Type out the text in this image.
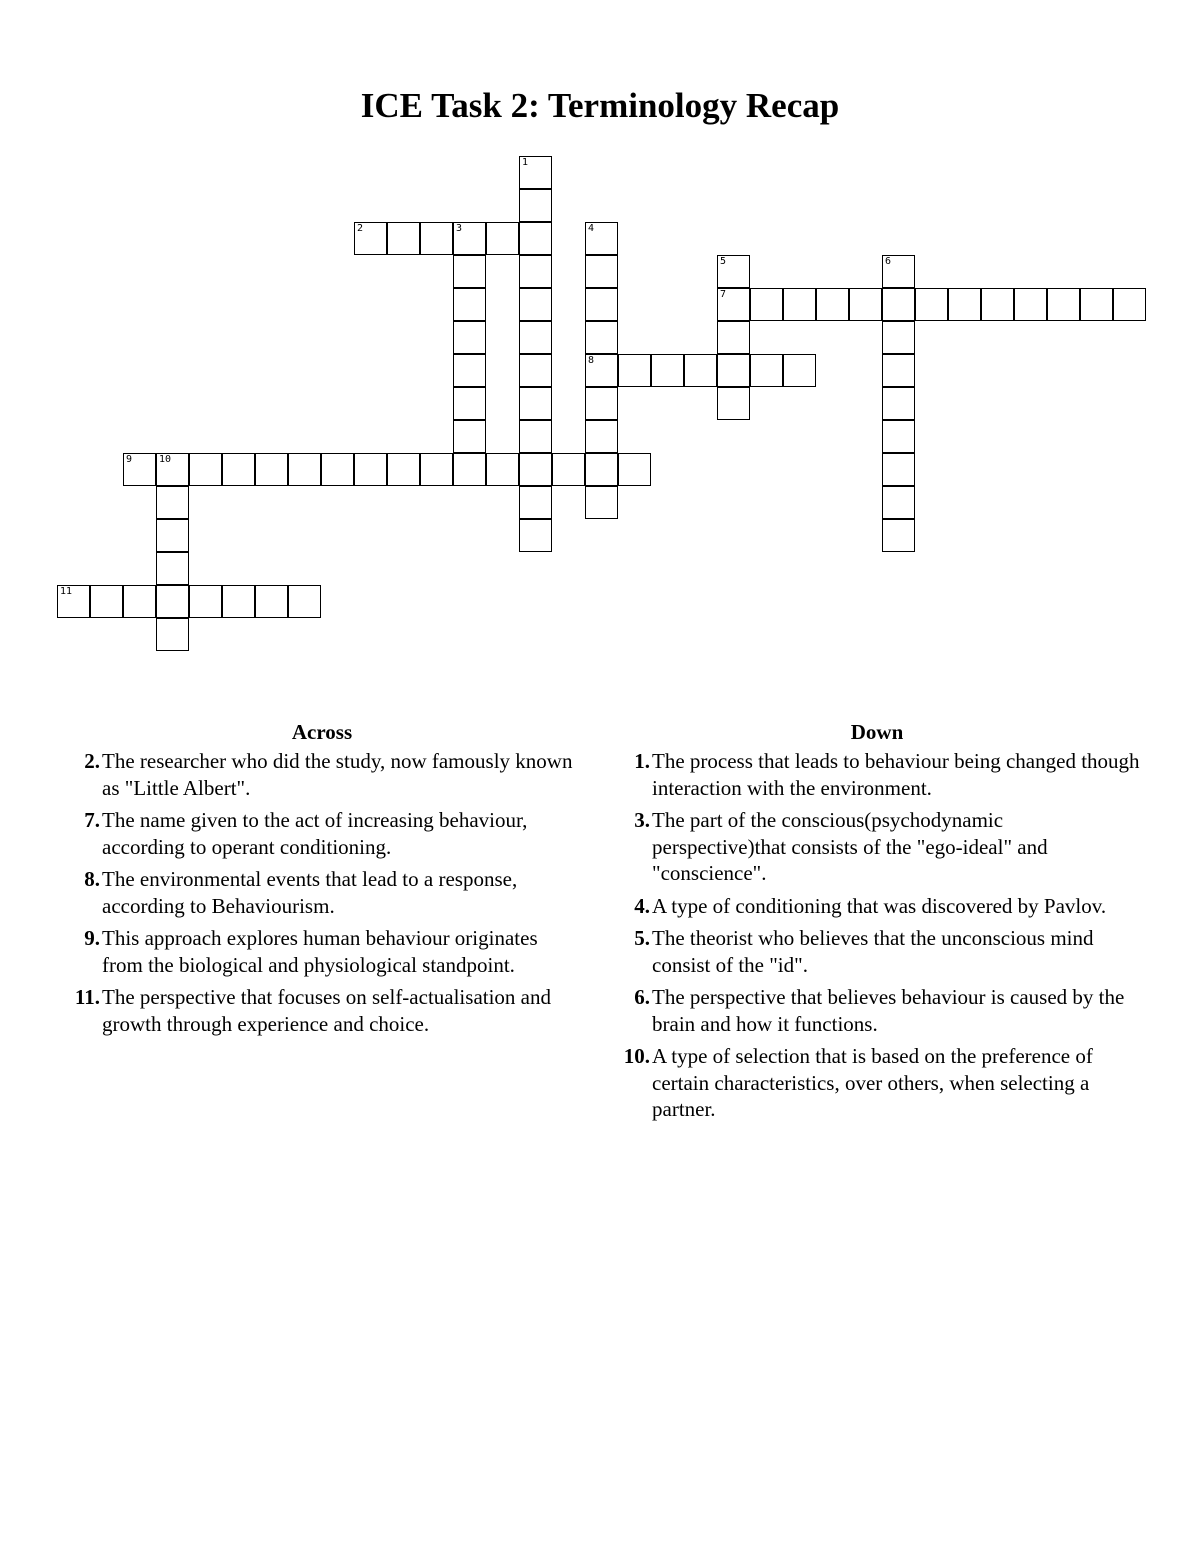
ICE Task 2: Terminology Recap
1
2	3	4
8
5
7
6
9	10
11
Across
2. The researcher who did the study, now famously known as "Little Albert".
7. The name given to the act of increasing behaviour, according to operant conditioning.
8. The environmental events that lead to a response, according to Behaviourism.
9. This approach explores human behaviour originates from the biological and physiological standpoint.
11. The perspective that focuses on self-actualisation and growth through experience and choice.
Down
1. The process that leads to behaviour being changed though interaction with the environment.
3. The part of the conscious(psychodynamic perspective)that consists of the "ego-ideal" and "conscience".
4. A type of conditioning that was discovered by Pavlov.
5. The theorist who believes that the unconscious mind consist of the "id".
6. The perspective that believes behaviour is caused by the brain and how it functions.
10. A type of selection that is based on the preference of certain characteristics, over others, when selecting a partner.
